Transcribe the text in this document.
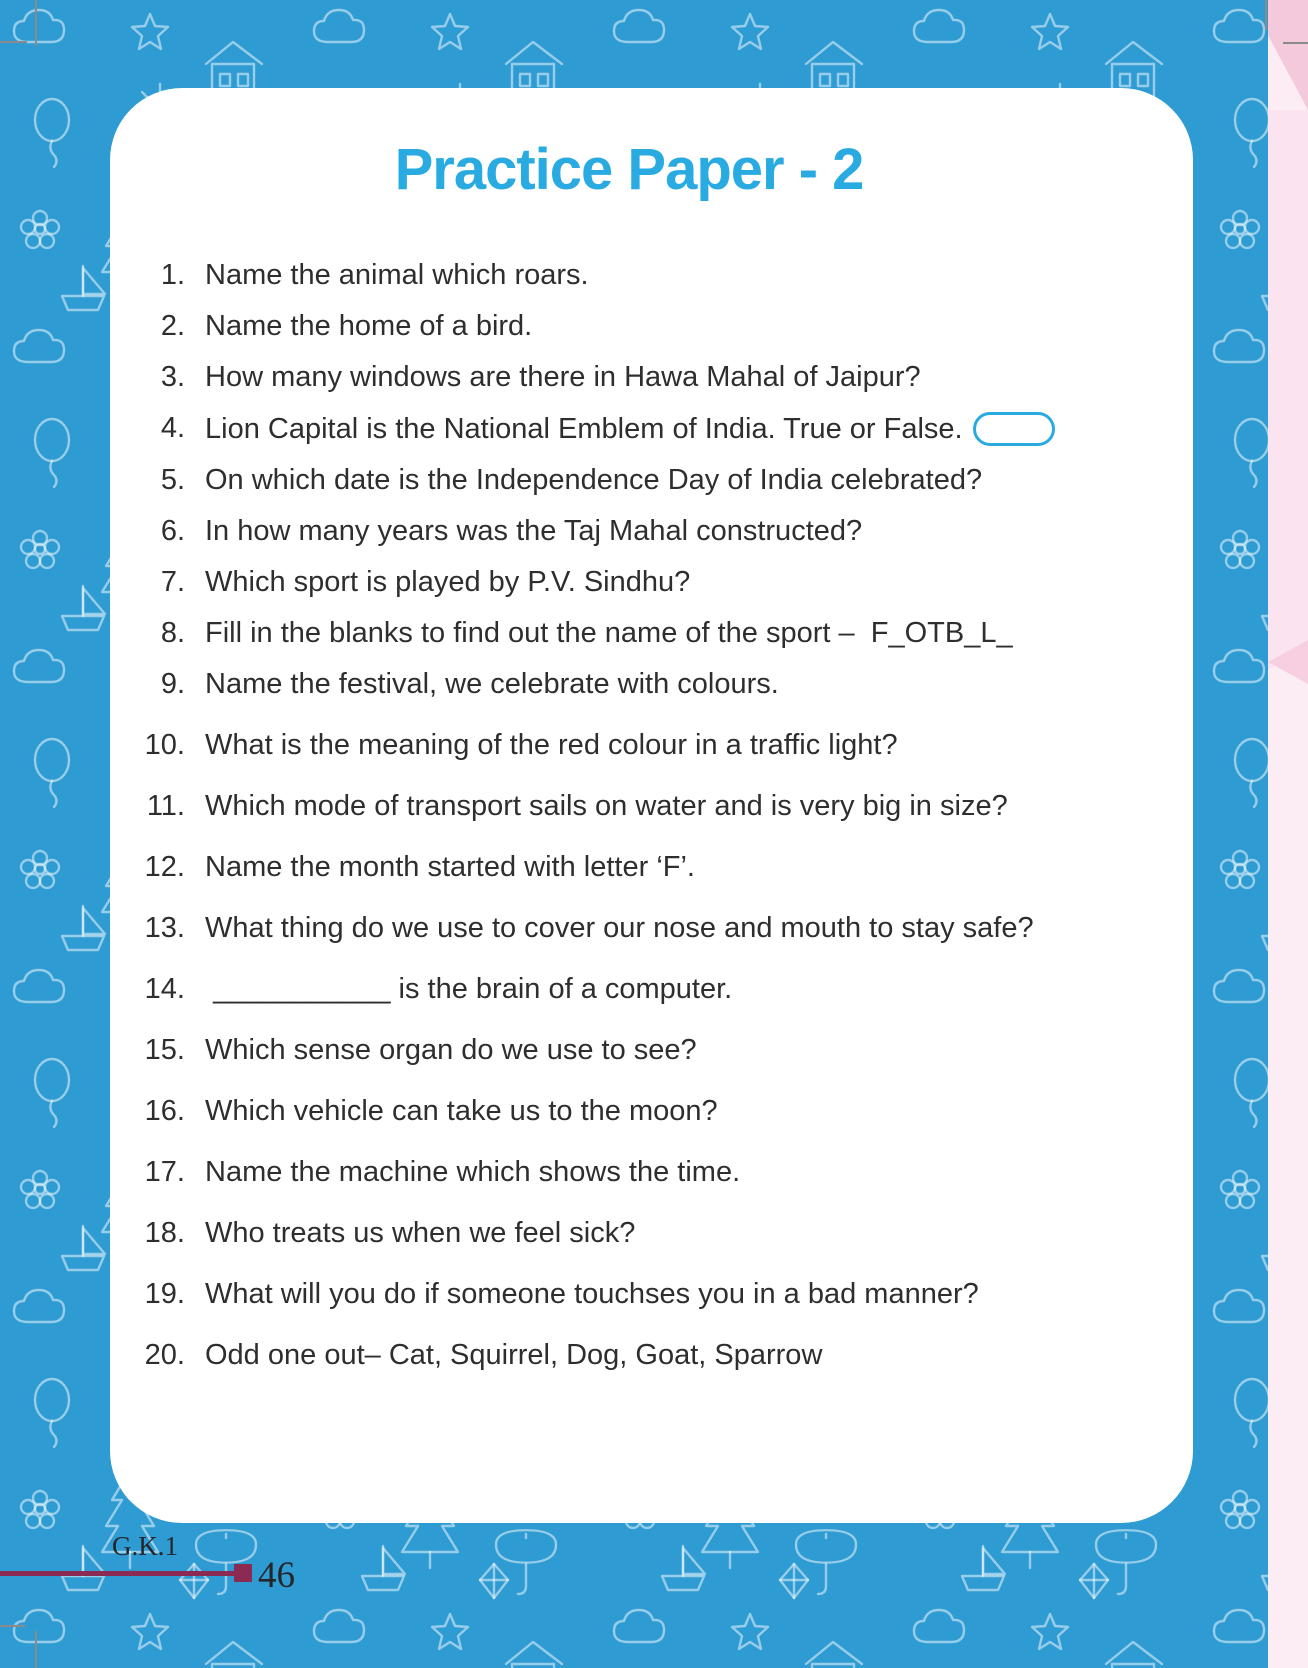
Practice Paper - 2
1. Name the animal which roars.
2. Name the home of a bird.
3. How many windows are there in Hawa Mahal of Jaipur?
4. Lion Capital is the National Emblem of India. True or False.
5. On which date is the Independence Day of India celebrated?
6. In how many years was the Taj Mahal constructed?
7. Which sport is played by P.V. Sindhu?
8. Fill in the blanks to find out the name of the sport –  F_OTB_L_
9. Name the festival, we celebrate with colours.
10. What is the meaning of the red colour in a traffic light?
11. Which mode of transport sails on water and is very big in size?
12. Name the month started with letter ‘F’.
13. What thing do we use to cover our nose and mouth to stay safe?
14. ___________ is the brain of a computer.
15. Which sense organ do we use to see?
16. Which vehicle can take us to the moon?
17. Name the machine which shows the time.
18. Who treats us when we feel sick?
19. What will you do if someone touchses you in a bad manner?
20. Odd one out– Cat, Squirrel, Dog, Goat, Sparrow
G.K.1
46
